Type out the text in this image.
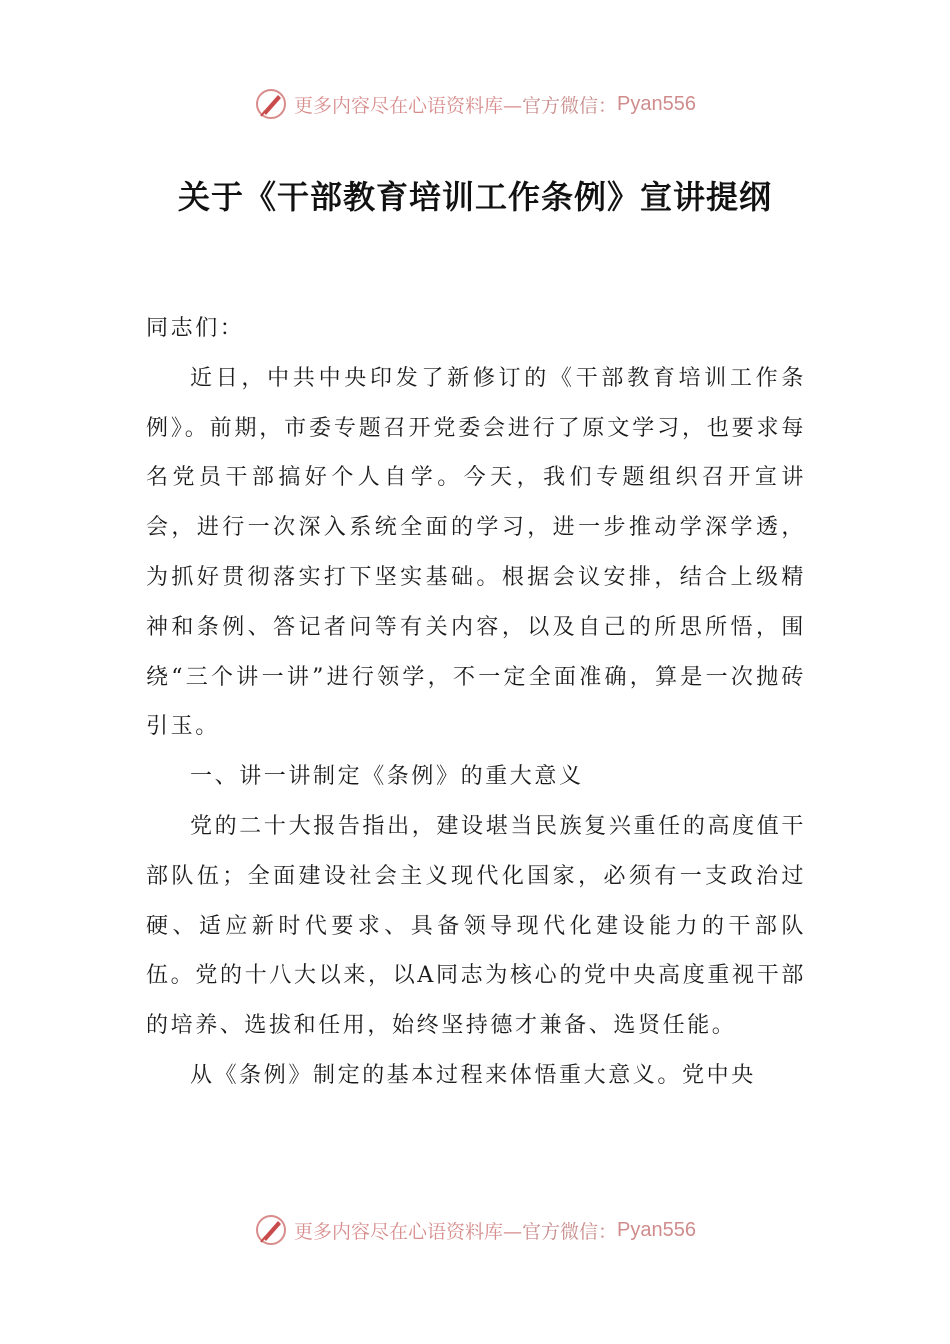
更多内容尽在心语资料库— 官方微信： Pyan556
关于《干部教育培训工作条例》宣讲提纲

同志们：

近日，中共中央印发了新修订的《干部教育培训工作条例》。前期，市委专题召开党委会进行了原文学习，也要求每名党员干部搞好个人自学。今天，我们专题组织召开宣讲会，进行一次深入系统全面的学习，进一步推动学深学透，为抓好贯彻落实打下坚实基础。根据会议安排，结合上级精神和条例、答记者问等有关内容，以及自己的所思所悟，围绕“三个讲一讲”进行领学，不一定全面准确，算是一次抛砖引玉。

一、讲一讲制定《条例》的重大意义

党的二十大报告指出，建设堪当民族复兴重任的高度值干部队伍；全面建设社会主义现代化国家，必须有一支政治过硬、适应新时代要求、具备领导现代化建设能力的干部队伍。党的十八大以来，以A同志为核心的党中央高度重视干部的培养、选拔和任用，始终坚持德才兼备、选贤任能。

从《条例》制定的基本过程来体悟重大意义。党中央

更多内容尽在心语资料库— 官方微信： Pyan556
